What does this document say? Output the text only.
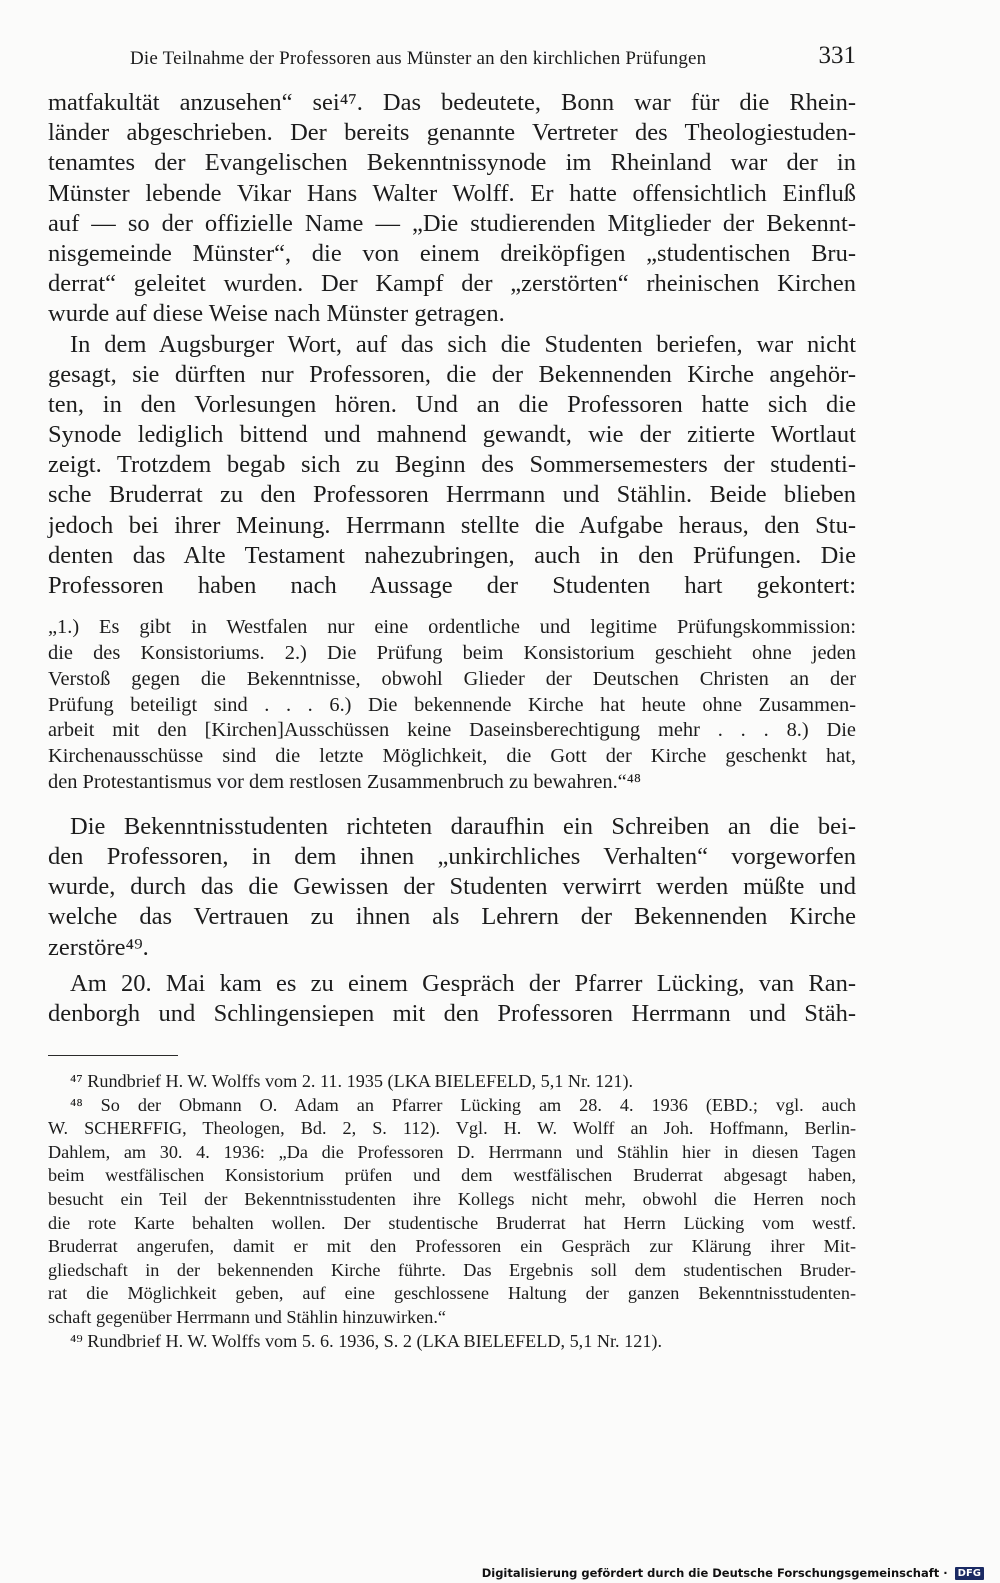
Die Teilnahme der Professoren aus Münster an den kirchlichen Prüfungen	331
matfakultät anzusehen“ sei⁴⁷. Das bedeutete, Bonn war für die Rhein-
länder abgeschrieben. Der bereits genannte Vertreter des Theologiestuden-
tenamtes der Evangelischen Bekenntnissynode im Rheinland war der in
Münster lebende Vikar Hans Walter Wolff. Er hatte offensichtlich Einfluß
auf — so der offizielle Name — „Die studierenden Mitglieder der Bekennt-
nisgemeinde Münster“, die von einem dreiköpfigen „studentischen Bru-
derrat“ geleitet wurden. Der Kampf der „zerstörten“ rheinischen Kirchen
wurde auf diese Weise nach Münster getragen.
In dem Augsburger Wort, auf das sich die Studenten beriefen, war nicht
gesagt, sie dürften nur Professoren, die der Bekennenden Kirche angehör-
ten, in den Vorlesungen hören. Und an die Professoren hatte sich die
Synode lediglich bittend und mahnend gewandt, wie der zitierte Wortlaut
zeigt. Trotzdem begab sich zu Beginn des Sommersemesters der studenti-
sche Bruderrat zu den Professoren Herrmann und Stählin. Beide blieben
jedoch bei ihrer Meinung. Herrmann stellte die Aufgabe heraus, den Stu-
denten das Alte Testament nahezubringen, auch in den Prüfungen. Die
Professoren haben nach Aussage der Studenten hart gekontert:
„1.) Es gibt in Westfalen nur eine ordentliche und legitime Prüfungskommission:
die des Konsistoriums. 2.) Die Prüfung beim Konsistorium geschieht ohne jeden
Verstoß gegen die Bekenntnisse, obwohl Glieder der Deutschen Christen an der
Prüfung beteiligt sind . . . 6.) Die bekennende Kirche hat heute ohne Zusammen-
arbeit mit den [Kirchen]Ausschüssen keine Daseinsberechtigung mehr . . . 8.) Die
Kirchenausschüsse sind die letzte Möglichkeit, die Gott der Kirche geschenkt hat,
den Protestantismus vor dem restlosen Zusammenbruch zu bewahren.“⁴⁸
Die Bekenntnisstudenten richteten daraufhin ein Schreiben an die bei-
den Professoren, in dem ihnen „unkirchliches Verhalten“ vorgeworfen
wurde, durch das die Gewissen der Studenten verwirrt werden müßte und
welche das Vertrauen zu ihnen als Lehrern der Bekennenden Kirche
zerstöre⁴⁹.
Am 20. Mai kam es zu einem Gespräch der Pfarrer Lücking, van Ran-
denborgh und Schlingensiepen mit den Professoren Herrmann und Stäh-
⁴⁷ Rundbrief H. W. Wolffs vom 2. 11. 1935 (LKA BIELEFELD, 5,1 Nr. 121).
⁴⁸ So der Obmann O. Adam an Pfarrer Lücking am 28. 4. 1936 (EBD.; vgl. auch
W. SCHERFFIG, Theologen, Bd. 2, S. 112). Vgl. H. W. Wolff an Joh. Hoffmann, Berlin-
Dahlem, am 30. 4. 1936: „Da die Professoren D. Herrmann und Stählin hier in diesen Tagen
beim westfälischen Konsistorium prüfen und dem westfälischen Bruderrat abgesagt haben,
besucht ein Teil der Bekenntnisstudenten ihre Kollegs nicht mehr, obwohl die Herren noch
die rote Karte behalten wollen. Der studentische Bruderrat hat Herrn Lücking vom westf.
Bruderrat angerufen, damit er mit den Professoren ein Gespräch zur Klärung ihrer Mit-
gliedschaft in der bekennenden Kirche führte. Das Ergebnis soll dem studentischen Bruder-
rat die Möglichkeit geben, auf eine geschlossene Haltung der ganzen Bekenntnisstudenten-
schaft gegenüber Herrmann und Stählin hinzuwirken.“
⁴⁹ Rundbrief H. W. Wolffs vom 5. 6. 1936, S. 2 (LKA BIELEFELD, 5,1 Nr. 121).
Digitalisierung gefördert durch die Deutsche Forschungsgemeinschaft · DFG
